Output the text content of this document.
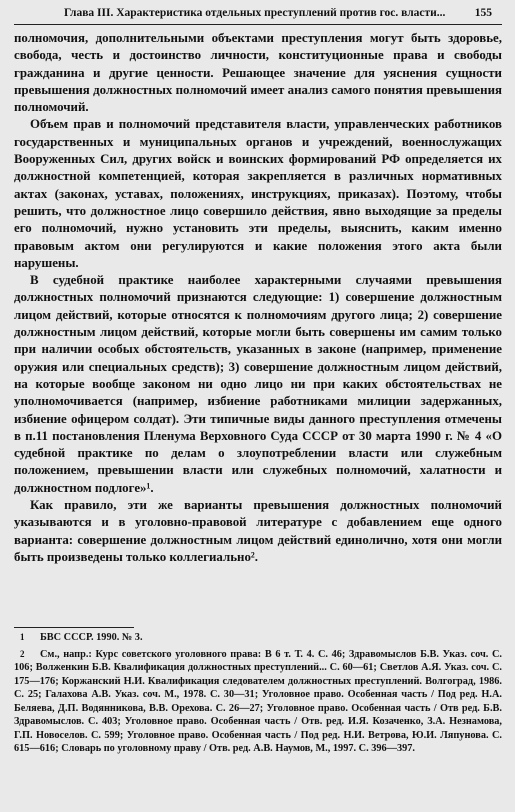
Глава III. Характеристика отдельных преступлений против гос. власти...	155

полномочия, дополнительными объектами преступления могут быть здоровье, свобода, честь и достоинство личности, конституционные права и свободы гражданина и другие ценности. Решающее значение для уяснения сущности превышения должностных полномочий имеет анализ самого понятия превышения полномочий.

Объем прав и полномочий представителя власти, управленческих работников государственных и муниципальных органов и учреждений, военнослужащих Вооруженных Сил, других войск и воинских формирований РФ определяется их должностной компетенцией, которая закрепляется в различных нормативных актах (законах, уставах, положениях, инструкциях, приказах). Поэтому, чтобы решить, что должностное лицо совершило действия, явно выходящие за пределы его полномочий, нужно установить эти пределы, выяснить, каким именно правовым актом они регулируются и какие положения этого акта были нарушены.

В судебной практике наиболее характерными случаями превышения должностных полномочий признаются следующие: 1) совершение должностным лицом действий, которые относятся к полномочиям другого лица; 2) совершение должностным лицом действий, которые могли быть совершены им самим только при наличии особых обстоятельств, указанных в законе (например, применение оружия или специальных средств); 3) совершение должностным лицом действий, на которые вообще законом ни одно лицо ни при каких обстоятельствах не уполномочивается (например, избиение работниками милиции задержанных, избиение офицером солдат). Эти типичные виды данного преступления отмечены в п.11 постановления Пленума Верховного Суда СССР от 30 марта 1990 г. № 4 «О судебной практике по делам о злоупотреблении власти или служебным положением, превышении власти или служебных полномочий, халатности и должностном подлоге»¹.

Как правило, эти же варианты превышения должностных полномочий указываются и в уголовно-правовой литературе с добавлением еще одного варианта: совершение должностным лицом действий единолично, хотя они могли быть произведены только коллегиально².

1 БВС СССР. 1990. № 3.

2 См., напр.: Курс советского уголовного права: В 6 т. Т. 4. С. 46; Здравомыслов Б.В. Указ. соч. С. 106; Волженкин Б.В. Квалификация должностных преступлений... С. 60—61; Светлов А.Я. Указ. соч. С. 175—176; Коржанский Н.И. Квалификация следователем должностных преступлений. Волгоград, 1986. С. 25; Галахова А.В. Указ. соч. М., 1978. С. 30—31; Уголовное право. Особенная часть / Под ред. Н.А. Беляева, Д.П. Водянникова, В.В. Орехова. С. 26—27; Уголовное право. Особенная часть / Отв ред. Б.В. Здравомыслов. С. 403; Уголовное право. Особенная часть / Отв. ред. И.Я. Козаченко, З.А. Незнамова, Г.П. Новоселов. С. 599; Уголовное право. Особенная часть / Под ред. Н.И. Ветрова, Ю.И. Ляпунова. С. 615—616; Словарь по уголовному праву / Отв. ред. А.В. Наумов, М., 1997. С. 396—397.
